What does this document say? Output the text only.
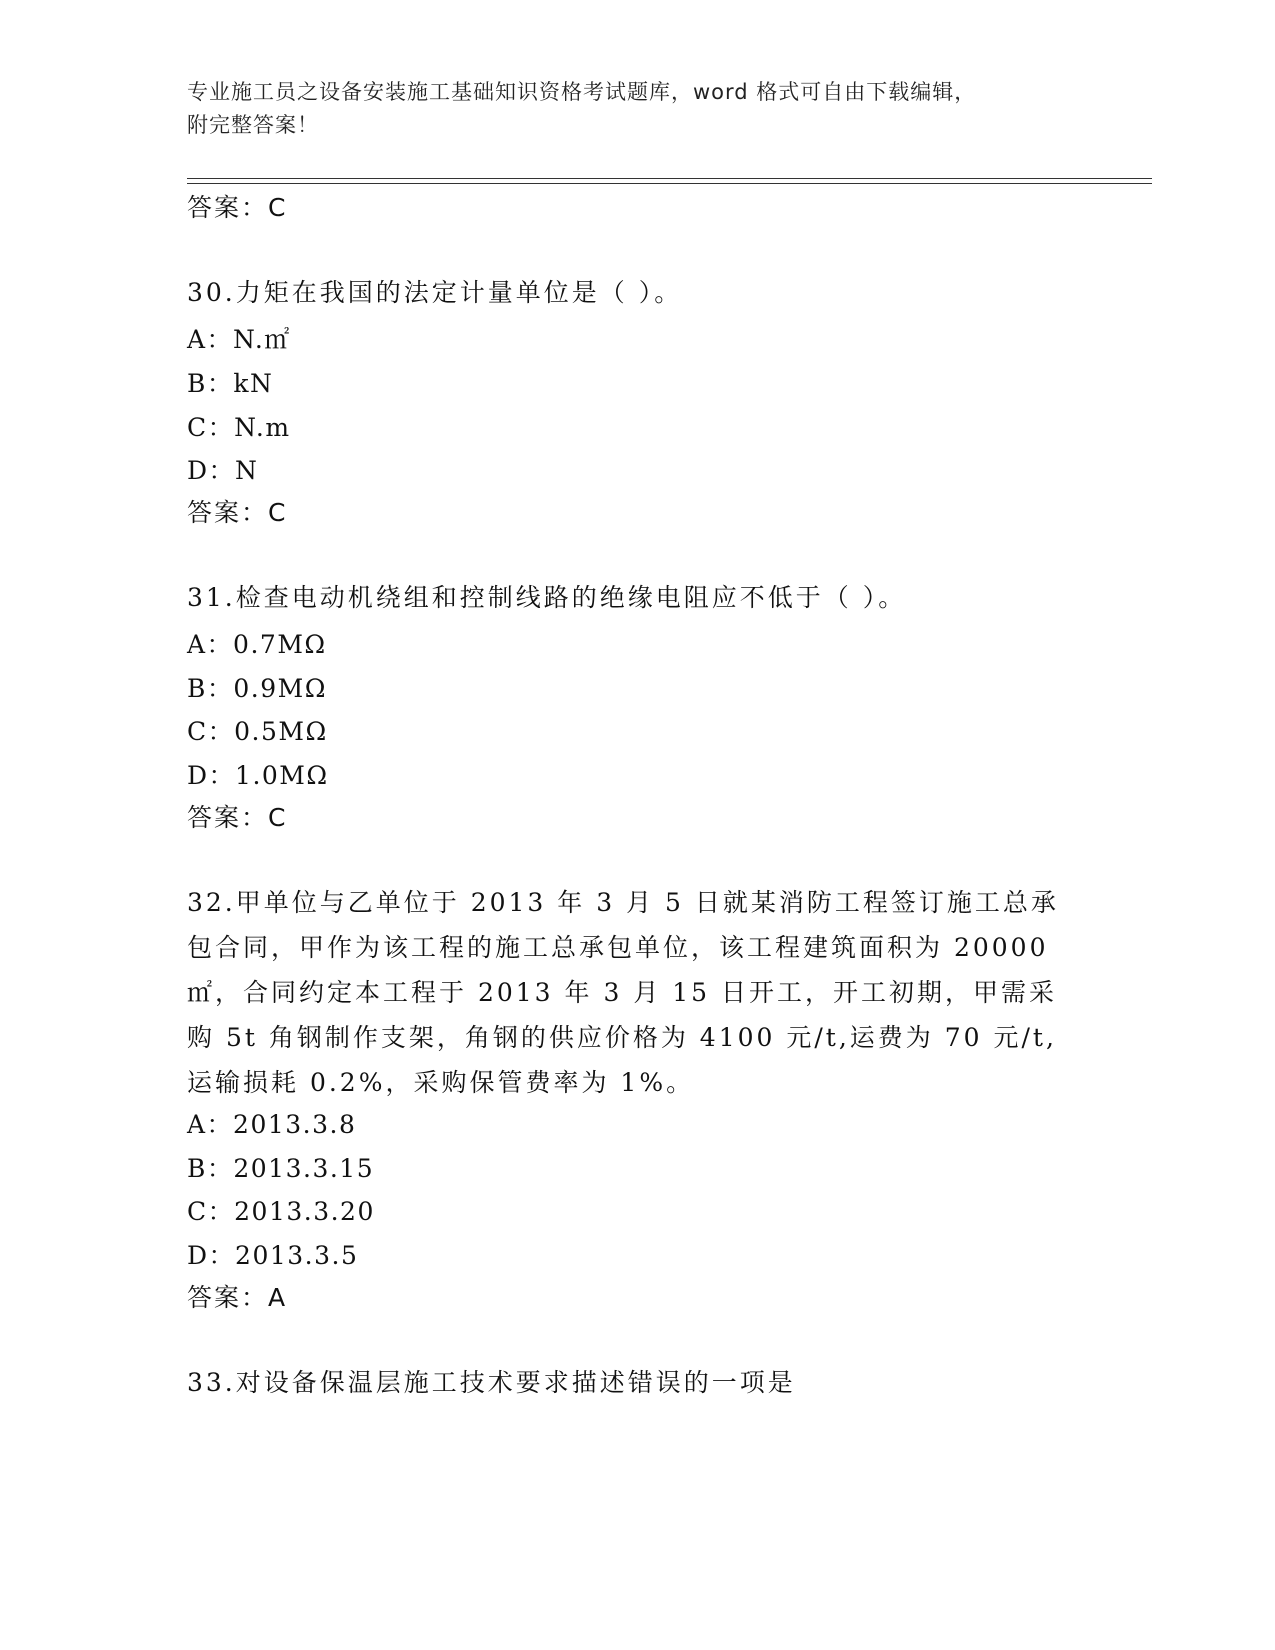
专业施工员之设备安装施工基础知识资格考试题库，word 格式可自由下载编辑，
附完整答案！
答案：C
30.力矩在我国的法定计量单位是（ ）。
A：N.㎡
B：kN
C：N.m
D：N
答案：C
31.检查电动机绕组和控制线路的绝缘电阻应不低于（ ）。
A：0.7MΩ
B：0.9MΩ
C：0.5MΩ
D：1.0MΩ
答案：C
32.甲单位与乙单位于 2013 年 3 月 5 日就某消防工程签订施工总承包合同，甲作为该工程的施工总承包单位，该工程建筑面积为 20000㎡，合同约定本工程于 2013 年 3 月 15 日开工，开工初期，甲需采购 5t 角钢制作支架，角钢的供应价格为 4100 元/t,运费为 70 元/t,运输损耗 0.2%，采购保管费率为 1%。
A：2013.3.8
B：2013.3.15
C：2013.3.20
D：2013.3.5
答案：A
33.对设备保温层施工技术要求描述错误的一项是
